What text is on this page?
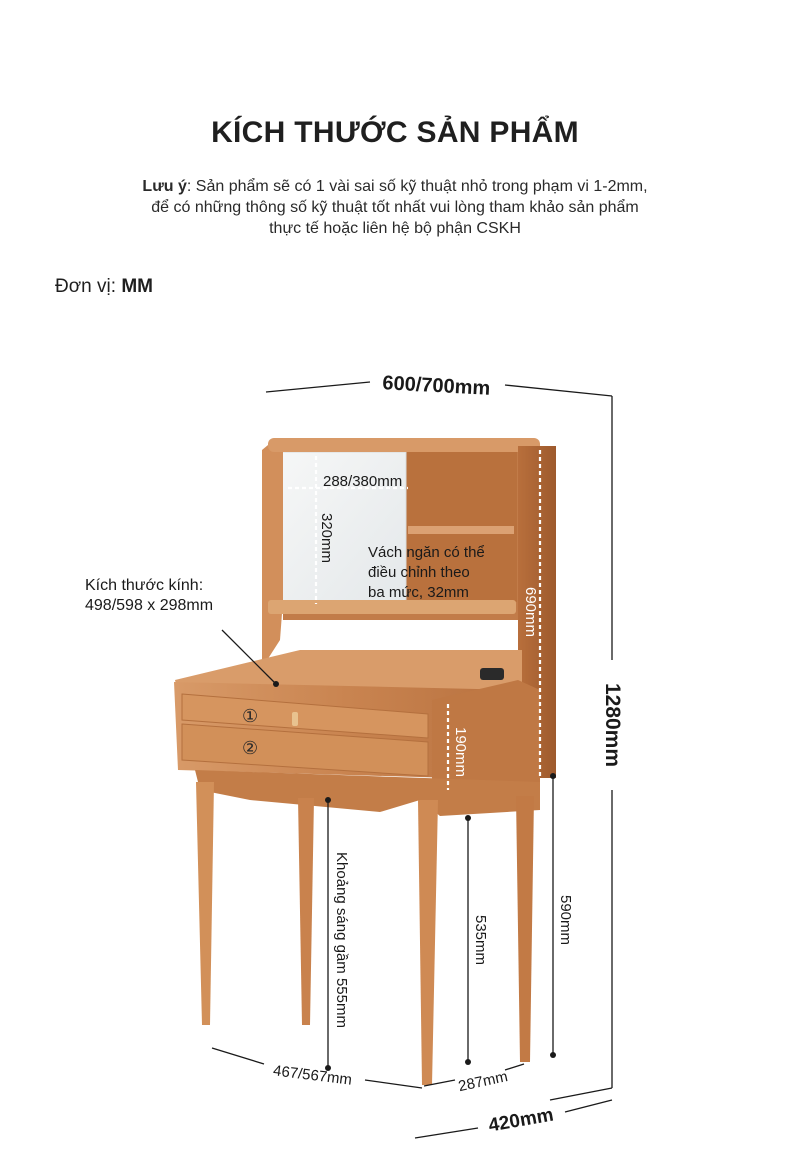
KÍCH THƯỚC SẢN PHẨM
Lưu ý: Sản phẩm sẽ có 1 vài sai số kỹ thuật nhỏ trong phạm vi 1-2mm,
để có những thông số kỹ thuật tốt nhất vui lòng tham khảo sản phẩm
thực tế hoặc liên hệ bộ phận CSKH
Đơn vị: MM
600/700mm
1280mm
288/380mm
320mm Vách ngăn có thể
điều chỉnh theo
ba mức, 32mm	690mm
Kích thước kính:
498/598 x 298mm
①
②	190mm
Khoảng sáng gầm 555mm	535mm	590mm
467/567mm	287mm
420mm
